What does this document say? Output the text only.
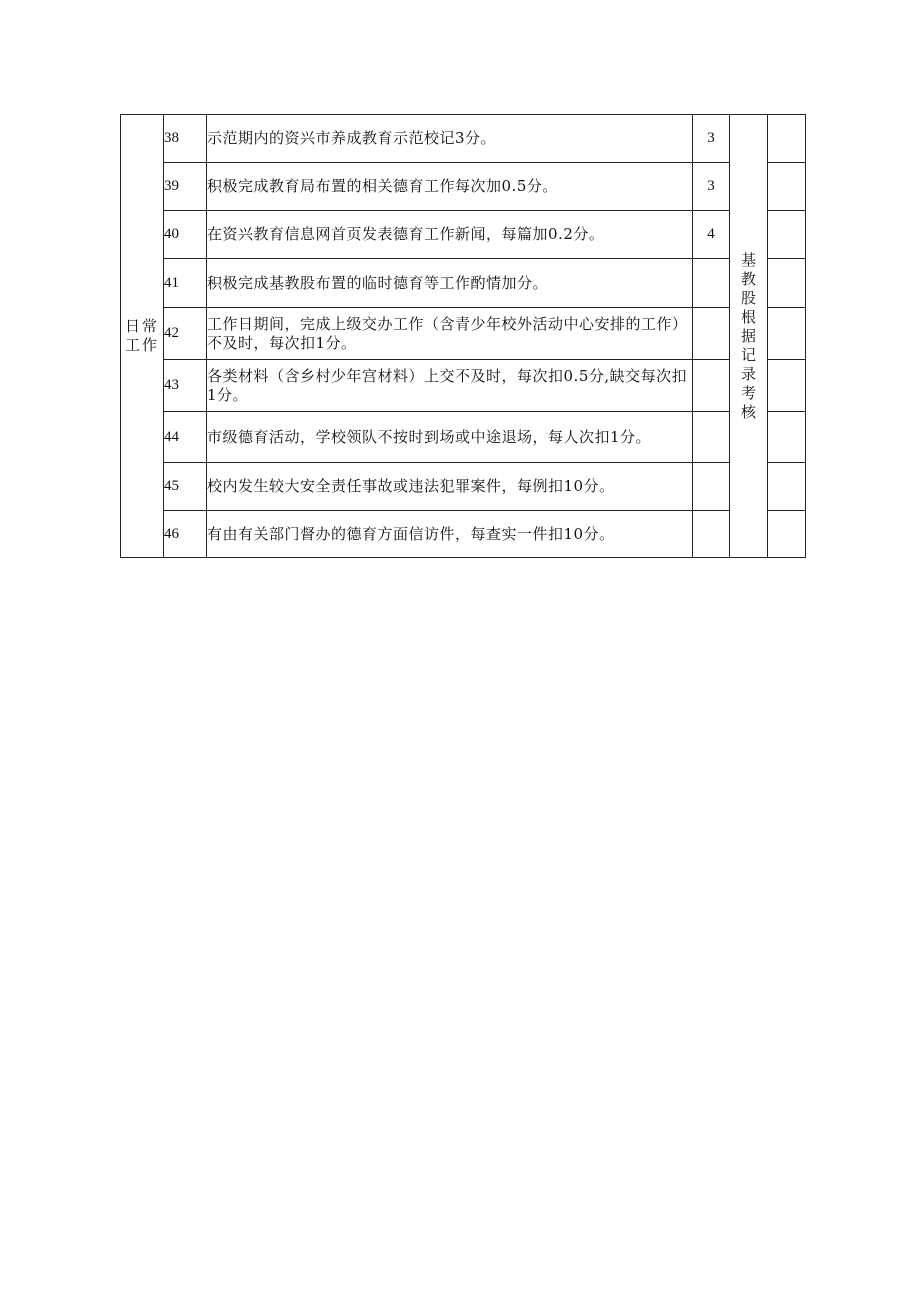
日常工作	38	示范期内的资兴市养成教育示范校记3分。	3	基教股根据记录考核	
	39	积极完成教育局布置的相关德育工作每次加0.5分。	3		
	40	在资兴教育信息网首页发表德育工作新闻，每篇加0.2分。	4		
	41	积极完成基教股布置的临时德育等工作酌情加分。			
	42	工作日期间，完成上级交办工作（含青少年校外活动中心安排的工作）不及时，每次扣1分。			
	43	各类材料（含乡村少年宫材料）上交不及时，每次扣0.5分,缺交每次扣1分。			
	44	市级德育活动，学校领队不按时到场或中途退场，每人次扣1分。			
	45	校内发生较大安全责任事故或违法犯罪案件，每例扣10分。			
	46	有由有关部门督办的德育方面信访件，每查实一件扣10分。			
